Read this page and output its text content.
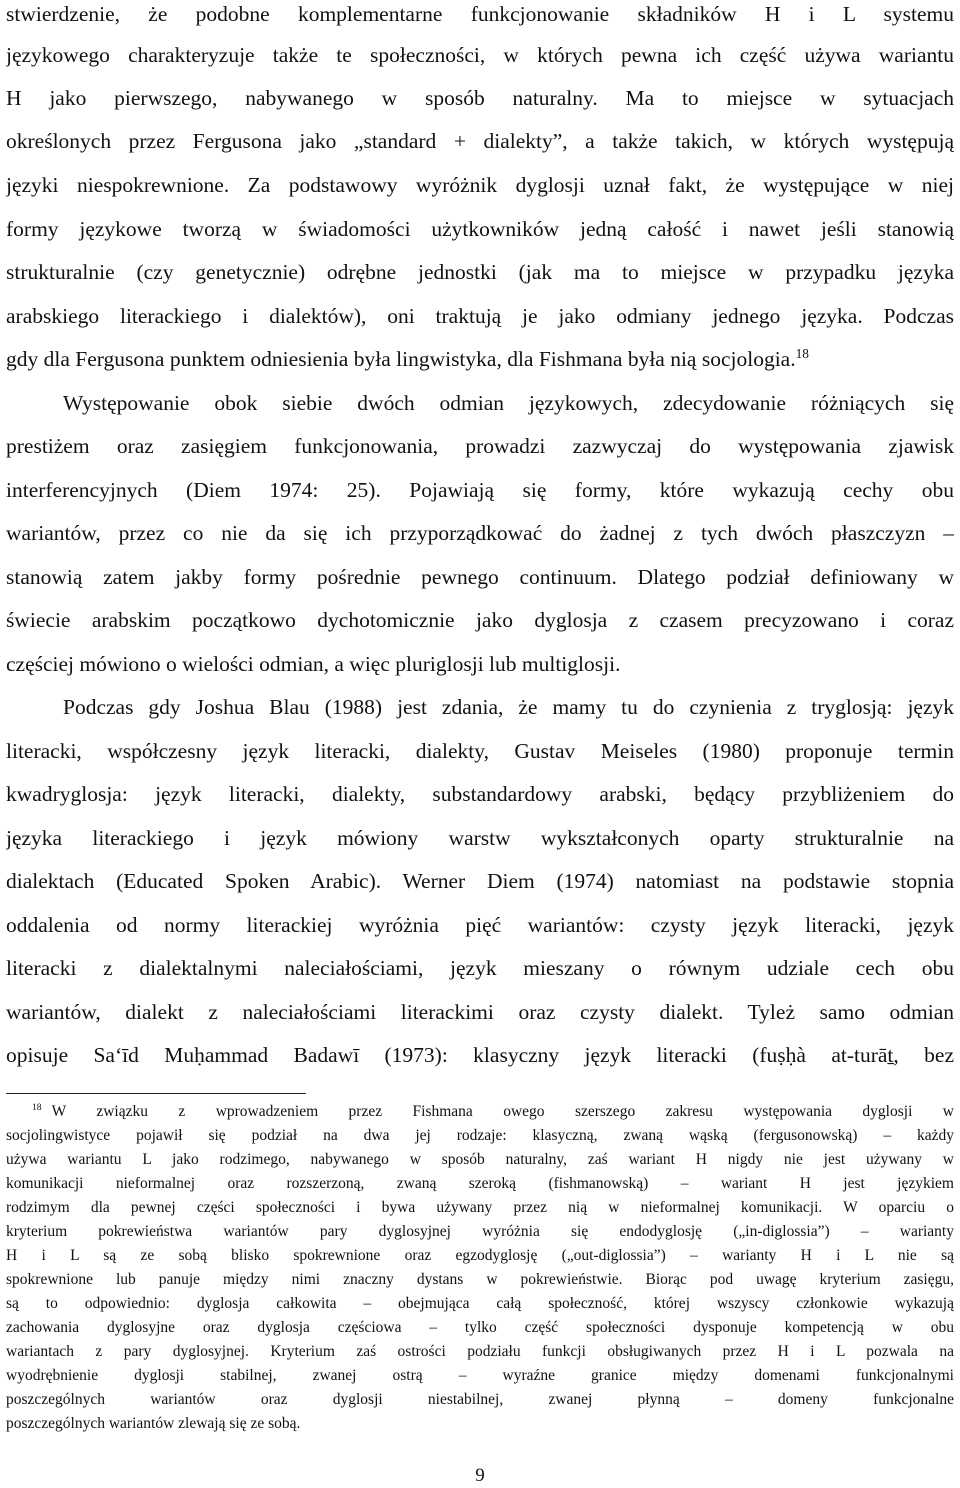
stwierdzenie, że podobne komplementarne funkcjonowanie składników H i L systemu
językowego charakteryzuje także te społeczności, w których pewna ich część używa wariantu
H jako pierwszego, nabywanego w sposób naturalny. Ma to miejsce w sytuacjach
określonych przez Fergusona jako „standard + dialekty”, a także takich, w których występują
języki niespokrewnione. Za podstawowy wyróżnik dyglosji uznał fakt, że występujące w niej
formy językowe tworzą w świadomości użytkowników jedną całość i nawet jeśli stanowią
strukturalnie (czy genetycznie) odrębne jednostki (jak ma to miejsce w przypadku języka
arabskiego literackiego i dialektów), oni traktują je jako odmiany jednego języka. Podczas
gdy dla Fergusona punktem odniesienia była lingwistyka, dla Fishmana była nią socjologia.$^{18}$
Występowanie obok siebie dwóch odmian językowych, zdecydowanie różniących się
prestiżem oraz zasięgiem funkcjonowania, prowadzi zazwyczaj do występowania zjawisk
interferencyjnych (Diem 1974: 25). Pojawiają się formy, które wykazują cechy obu
wariantów, przez co nie da się ich przyporządkować do żadnej z tych dwóch płaszczyzn –
stanowią zatem jakby formy pośrednie pewnego continuum. Dlatego podział definiowany w
świecie arabskim początkowo dychotomicznie jako dyglosja z czasem precyzowano i coraz
częściej mówiono o wielości odmian, a więc pluriglosji lub multiglosji.
Podczas gdy Joshua Blau (1988) jest zdania, że mamy tu do czynienia z tryglosją: język
literacki, współczesny język literacki, dialekty, Gustav Meiseles (1980) proponuje termin
kwadryglosja: język literacki, dialekty, substandardowy arabski, będący przybliżeniem do
języka literackiego i język mówiony warstw wykształconych oparty strukturalnie na
dialektach (Educated Spoken Arabic). Werner Diem (1974) natomiast na podstawie stopnia
oddalenia od normy literackiej wyróżnia pięć wariantów: czysty język literacki, język
literacki z dialektalnymi naleciałościami, język mieszany o równym udziale cech obu
wariantów, dialekt z naleciałościami literackimi oraz czysty dialekt. Tyleż samo odmian
opisuje Sa‘īd Muḥammad Badawī (1973): klasyczny język literacki (fuṣḥà at-turāṯ, bez
$^{18}$ W związku z wprowadzeniem przez Fishmana owego szerszego zakresu występowania dyglosji w
socjolingwistyce pojawił się podział na dwa jej rodzaje: klasyczną, zwaną wąską (fergusonowską) – każdy
używa wariantu L jako rodzimego, nabywanego w sposób naturalny, zaś wariant H nigdy nie jest używany w
komunikacji nieformalnej oraz rozszerzoną, zwaną szeroką (fishmanowską) – wariant H jest językiem
rodzimym dla pewnej części społeczności i bywa używany przez nią w nieformalnej komunikacji. W oparciu o
kryterium pokrewieństwa wariantów pary dyglosyjnej wyróżnia się endodyglosję („in-diglossia”) – warianty
H i L są ze sobą blisko spokrewnione oraz egzodyglosję („out-diglossia”) – warianty H i L nie są
spokrewnione lub panuje między nimi znaczny dystans w pokrewieństwie. Biorąc pod uwagę kryterium zasięgu,
są to odpowiednio: dyglosja całkowita – obejmująca całą społeczność, której wszyscy członkowie wykazują
zachowania dyglosyjne oraz dyglosja częściowa – tylko część społeczności dysponuje kompetencją w obu
wariantach z pary dyglosyjnej. Kryterium zaś ostrości podziału funkcji obsługiwanych przez H i L pozwala na
wyodrębnienie dyglosji stabilnej, zwanej ostrą – wyraźne granice między domenami funkcjonalnymi
poszczególnych wariantów oraz dyglosji niestabilnej, zwanej płynną – domeny funkcjonalne
poszczególnych wariantów zlewają się ze sobą.
9
